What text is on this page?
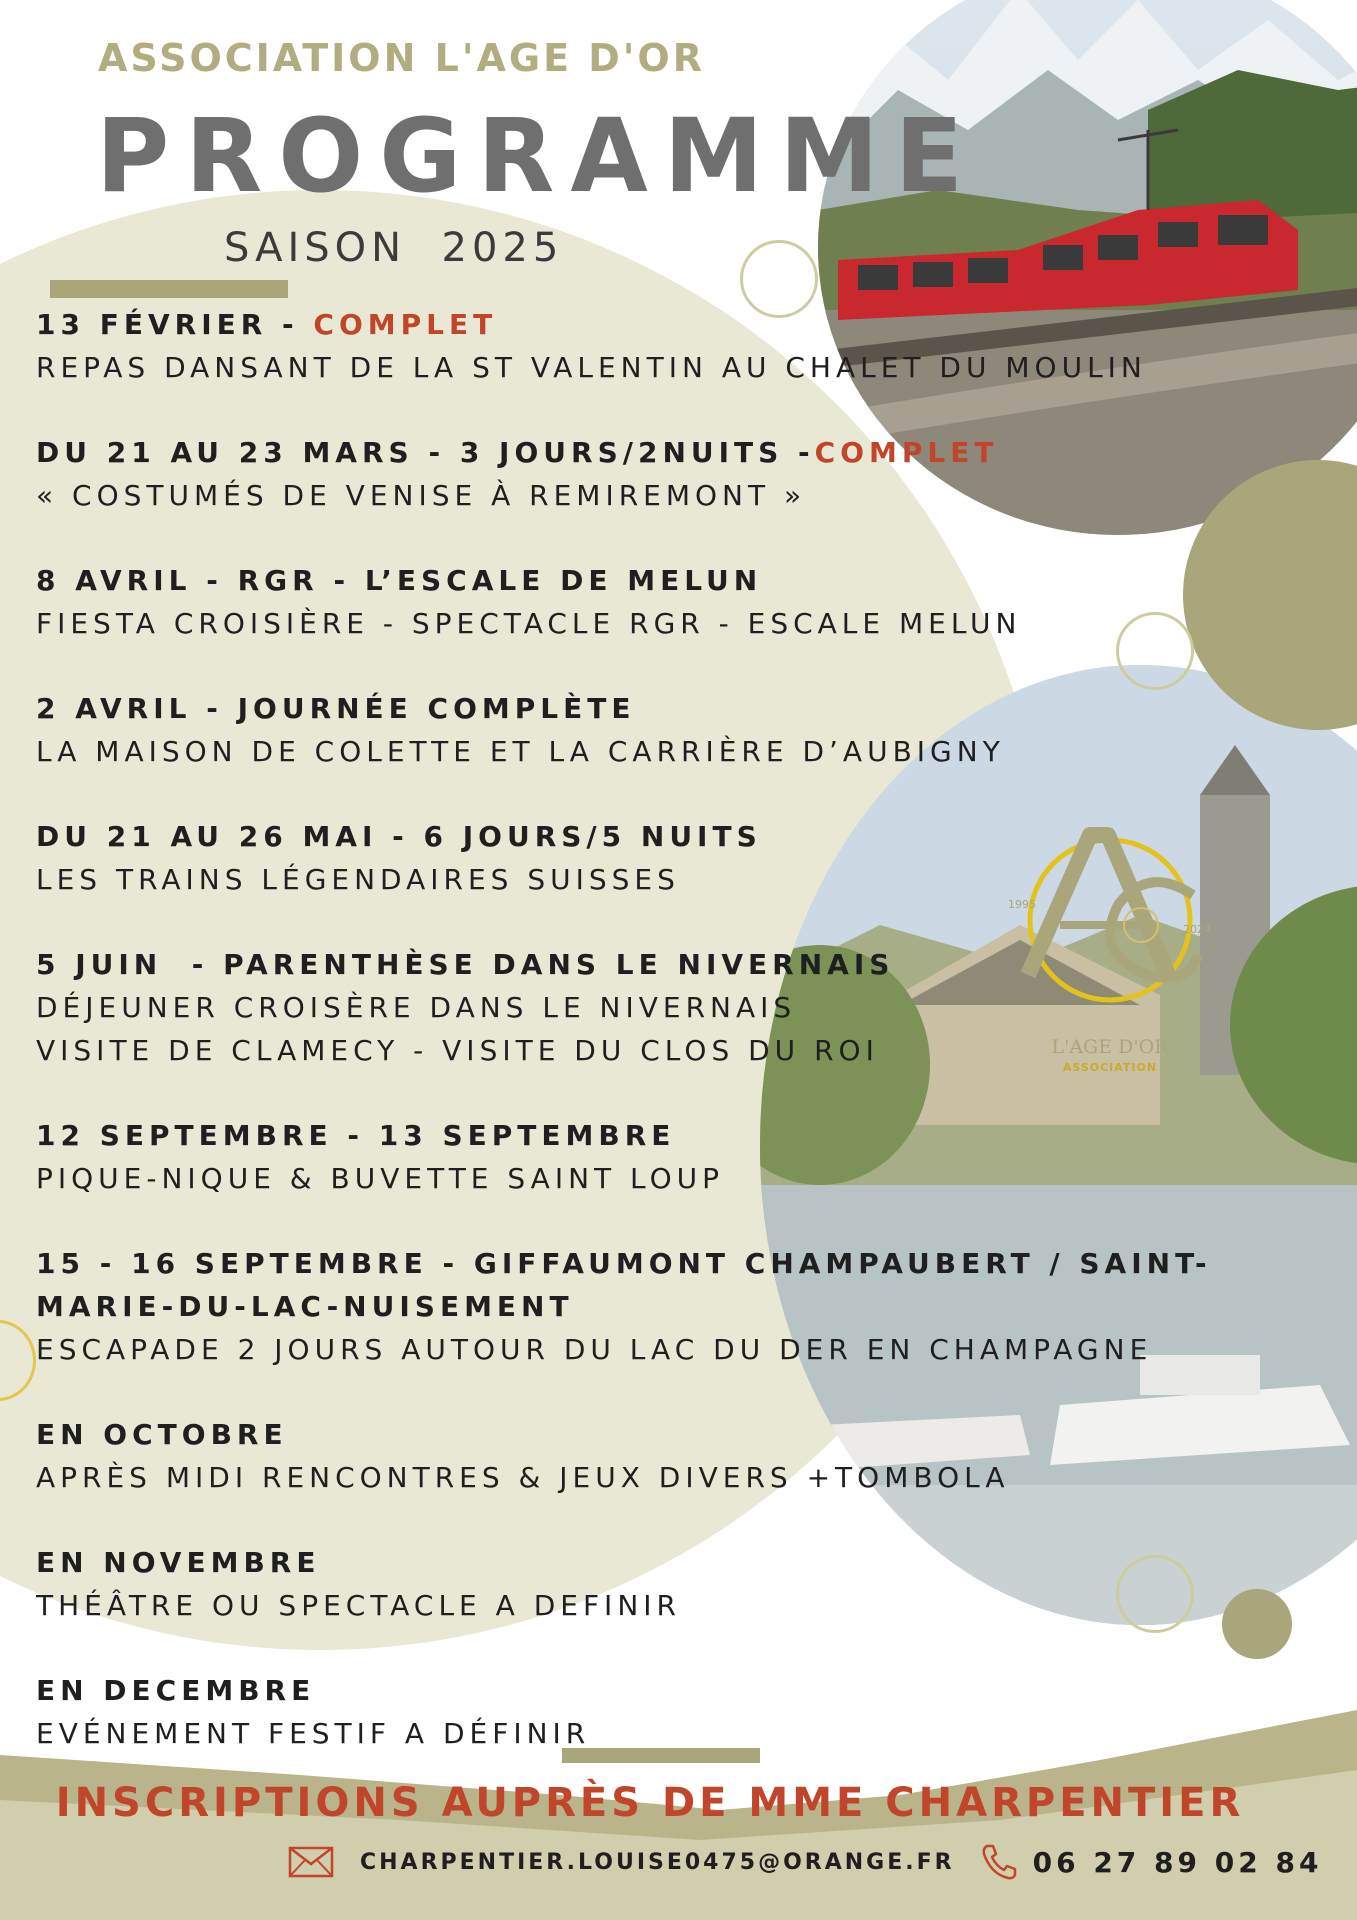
ASSOCIATION L'AGE D'OR
PROGRAMME
SAISON  2025
13 FÉVRIER - COMPLET
REPAS DANSANT DE LA ST VALENTIN AU CHALET DU MOULIN
DU 21 AU 23 MARS - 3 JOURS/2NUITS -COMPLET
« COSTUMÉS DE VENISE À REMIREMONT »
8 AVRIL - RGR - L’ESCALE DE MELUN
FIESTA CROISIÈRE - SPECTACLE RGR - ESCALE MELUN
2 AVRIL - JOURNÉE COMPLÈTE
LA MAISON DE COLETTE ET LA CARRIÈRE D’AUBIGNY
DU 21 AU 26 MAI - 6 JOURS/5 NUITS
LES TRAINS LÉGENDAIRES SUISSES
5 JUIN  - PARENTHÈSE DANS LE NIVERNAIS
DÉJEUNER CROISÈRE DANS LE NIVERNAIS
VISITE DE CLAMECY - VISITE DU CLOS DU ROI
12 SEPTEMBRE - 13 SEPTEMBRE
PIQUE-NIQUE & BUVETTE SAINT LOUP
15 - 16 SEPTEMBRE - GIFFAUMONT CHAMPAUBERT / SAINT-MARIE-DU-LAC-NUISEMENT
ESCAPADE 2 JOURS AUTOUR DU LAC DU DER EN CHAMPAGNE
EN OCTOBRE
APRÈS MIDI RENCONTRES & JEUX DIVERS +TOMBOLA
EN NOVEMBRE
THÉÂTRE OU SPECTACLE A DEFINIR
EN DECEMBRE
EVÉNEMENT FESTIF A DÉFINIR
1995
2024
L'AGE D'OR
ASSOCIATION
INSCRIPTIONS AUPRÈS DE MME CHARPENTIER
CHARPENTIER.LOUISE0475@ORANGE.FR	06 27 89 02 84
